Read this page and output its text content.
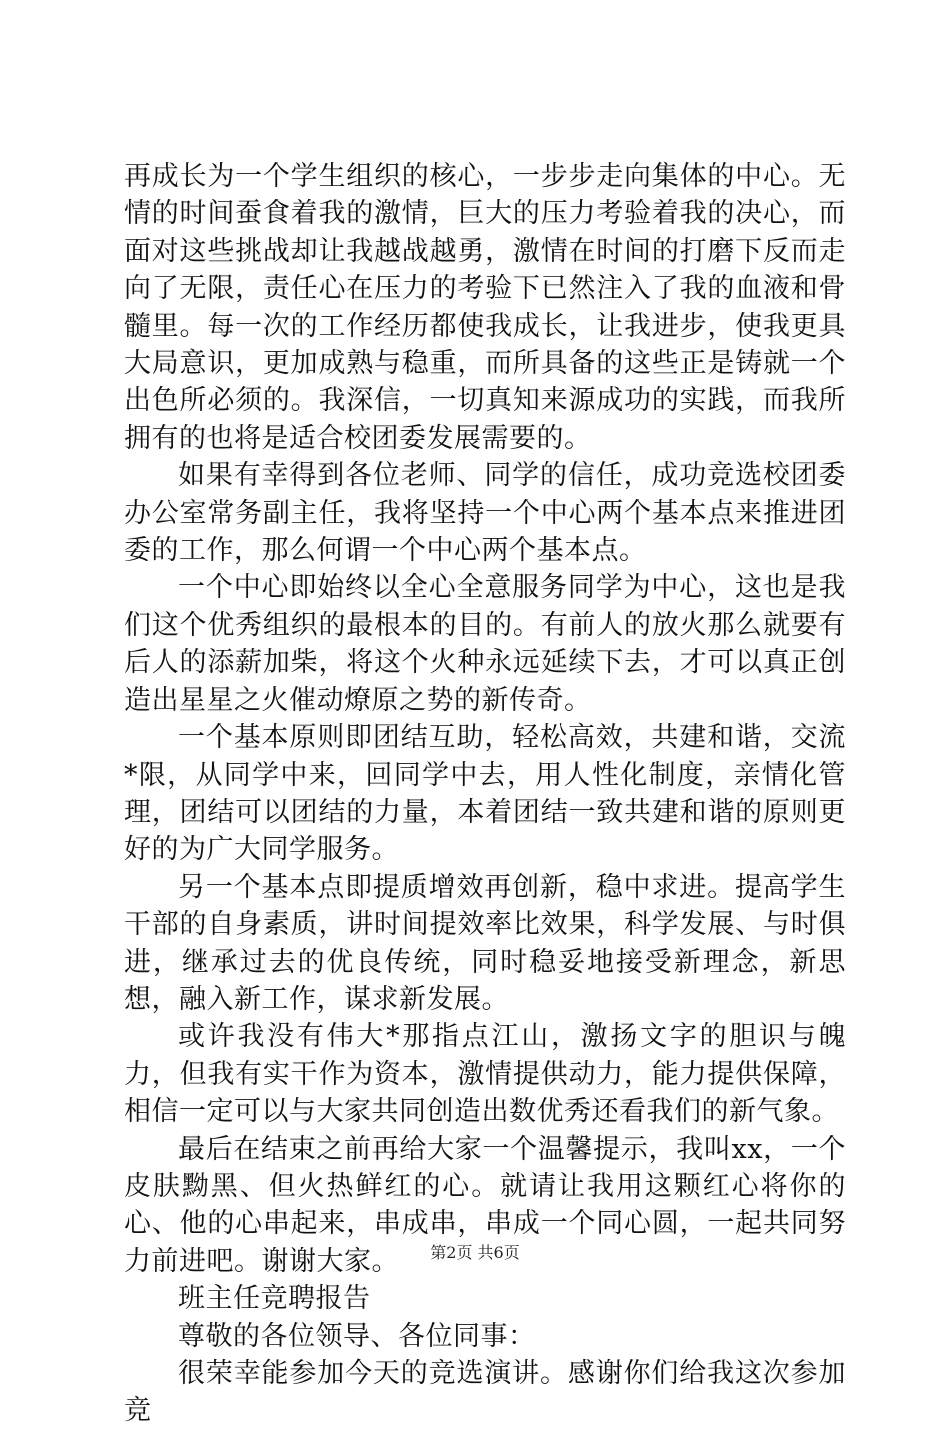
再成长为一个学生组织的核心，一步步走向集体的中心。无情的时间蚕食着我的激情，巨大的压力考验着我的决心，而面对这些挑战却让我越战越勇，激情在时间的打磨下反而走向了无限，责任心在压力的考验下已然注入了我的血液和骨髓里。每一次的工作经历都使我成长，让我进步，使我更具大局意识，更加成熟与稳重，而所具备的这些正是铸就一个出色所必须的。我深信，一切真知来源成功的实践，而我所拥有的也将是适合校团委发展需要的。

如果有幸得到各位老师、同学的信任，成功竞选校团委办公室常务副主任，我将坚持一个中心两个基本点来推进团委的工作，那么何谓一个中心两个基本点。

一个中心即始终以全心全意服务同学为中心，这也是我们这个优秀组织的最根本的目的。有前人的放火那么就要有后人的添薪加柴，将这个火种永远延续下去，才可以真正创造出星星之火催动燎原之势的新传奇。

一个基本原则即团结互助，轻松高效，共建和谐，交流*限，从同学中来，回同学中去，用人性化制度，亲情化管理，团结可以团结的力量，本着团结一致共建和谐的原则更好的为广大同学服务。

另一个基本点即提质增效再创新，稳中求进。提高学生干部的自身素质，讲时间提效率比效果，科学发展、与时俱进，继承过去的优良传统，同时稳妥地接受新理念，新思想，融入新工作，谋求新发展。

或许我没有伟大*那指点江山，激扬文字的胆识与魄力，但我有实干作为资本，激情提供动力，能力提供保障，相信一定可以与大家共同创造出数优秀还看我们的新气象。

最后在结束之前再给大家一个温馨提示，我叫xx，一个皮肤黝黑、但火热鲜红的心。就请让我用这颗红心将你的心、他的心串起来，串成串，串成一个同心圆，一起共同努力前进吧。谢谢大家。

班主任竞聘报告

尊敬的各位领导、各位同事：

很荣幸能参加今天的竞选演讲。感谢你们给我这次参加竞

第2页 共6页
